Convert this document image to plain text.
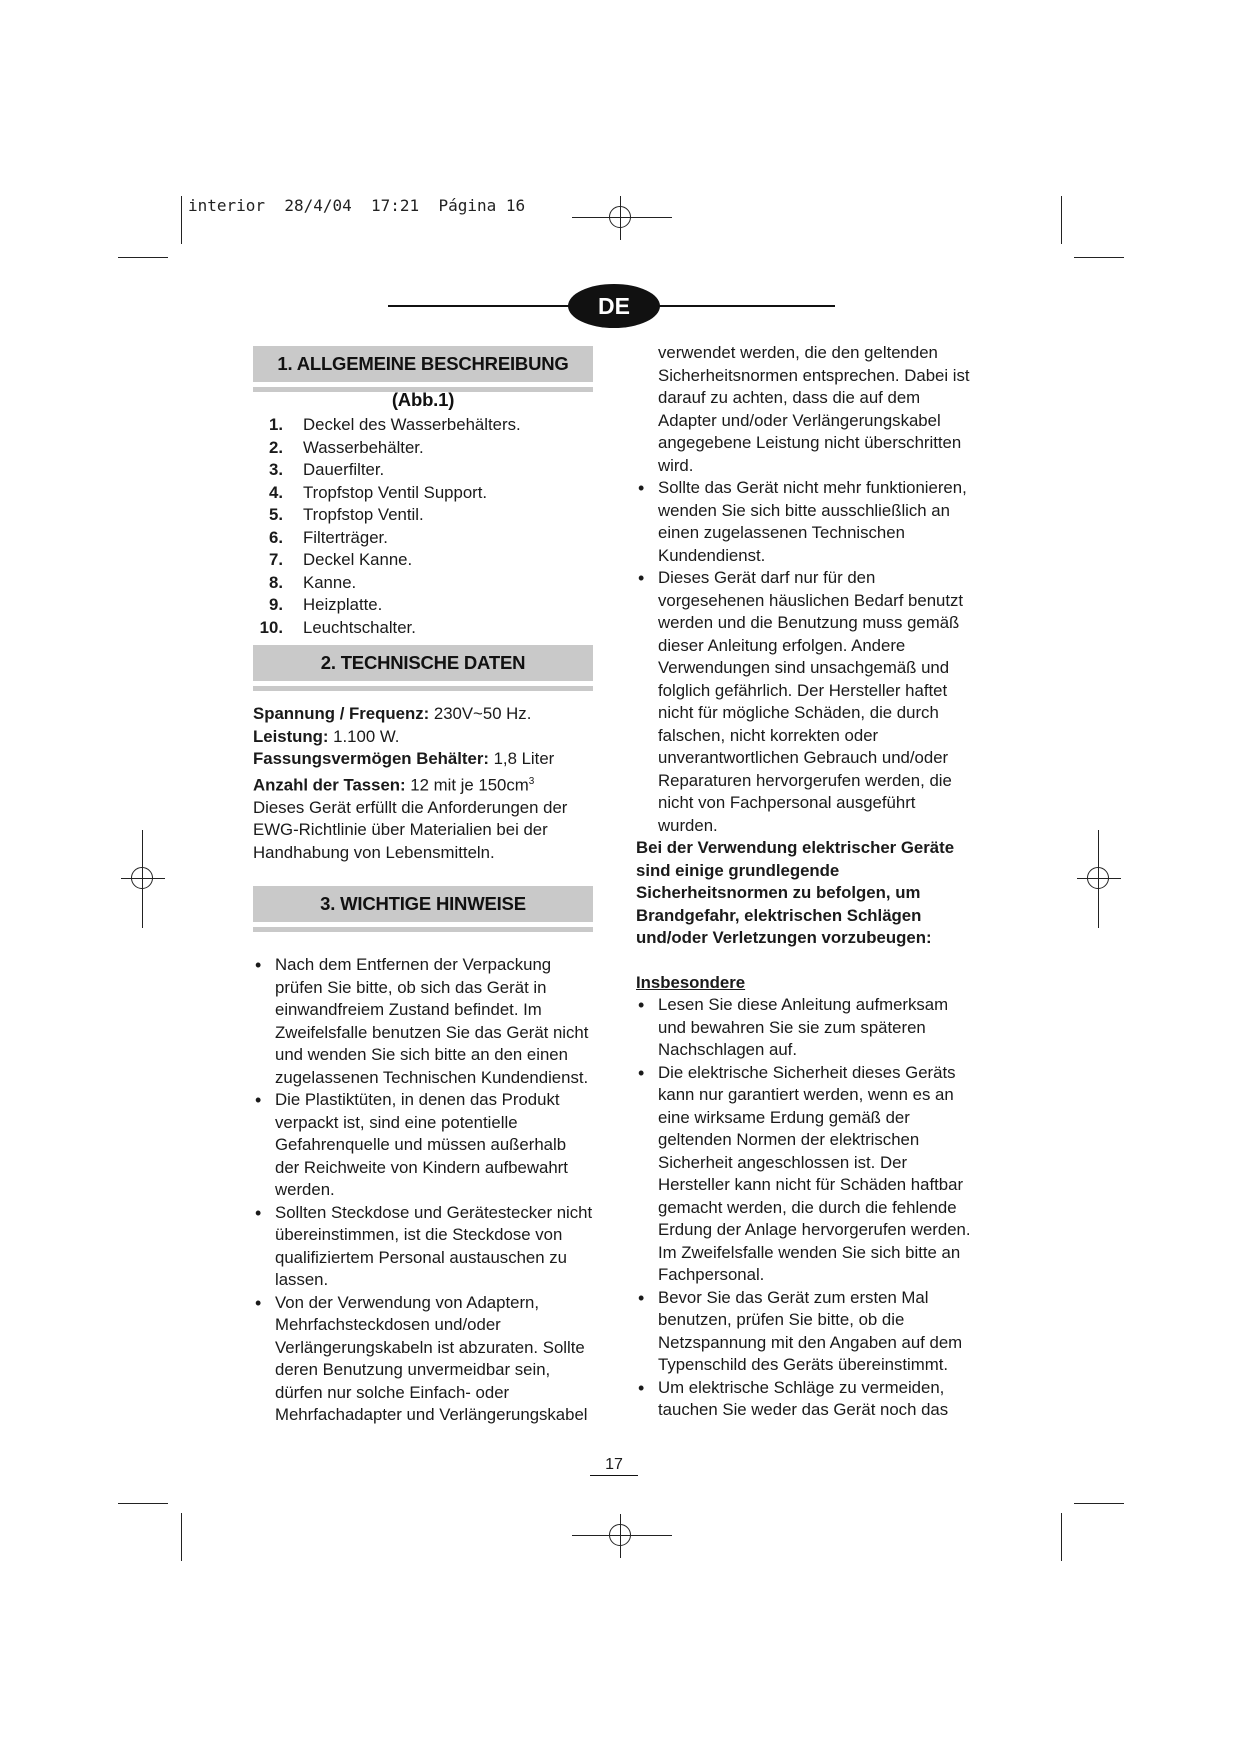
interior  28/4/04  17:21  Página 16
DE
1. ALLGEMEINE BESCHREIBUNG (Abb.1)
1. Deckel des Wasserbehälters.
2. Wasserbehälter.
3. Dauerfilter.
4. Tropfstop Ventil Support.
5. Tropfstop Ventil.
6. Filterträger.
7. Deckel Kanne.
8. Kanne.
9. Heizplatte.
10. Leuchtschalter.
2. TECHNISCHE DATEN

Spannung / Frequenz: 230V~50 Hz.
Leistung: 1.100 W.
Fassungsvermögen Behälter: 1,8 Liter
Anzahl der Tassen: 12 mit je $150cm^3$
Dieses Gerät erfüllt die Anforderungen der EWG-Richtlinie über Materialien bei der Handhabung von Lebensmitteln.

3. WICHTIGE HINWEISE
• Nach dem Entfernen der Verpackung prüfen Sie bitte, ob sich das Gerät in einwandfreiem Zustand befindet. Im Zweifelsfalle benutzen Sie das Gerät nicht und wenden Sie sich bitte an den einen zugelassenen Technischen Kundendienst.
• Die Plastiktüten, in denen das Produkt verpackt ist, sind eine potentielle Gefahrenquelle und müssen außerhalb der Reichweite von Kindern aufbewahrt werden.
• Sollten Steckdose und Gerätestecker nicht übereinstimmen, ist die Steckdose von qualifiziertem Personal austauschen zu lassen.
• Von der Verwendung von Adaptern, Mehrfachsteckdosen und/oder Verlängerungskabeln ist abzuraten. Sollte deren Benutzung unvermeidbar sein, dürfen nur solche Einfach- oder Mehrfachadapter und Verlängerungskabel
verwendet werden, die den geltenden Sicherheitsnormen entsprechen. Dabei ist darauf zu achten, dass die auf dem Adapter und/oder Verlängerungskabel angegebene Leistung nicht überschritten wird.
• Sollte das Gerät nicht mehr funktionieren, wenden Sie sich bitte ausschließlich an einen zugelassenen Technischen Kundendienst.
• Dieses Gerät darf nur für den vorgesehenen häuslichen Bedarf benutzt werden und die Benutzung muss gemäß dieser Anleitung erfolgen. Andere Verwendungen sind unsachgemäß und folglich gefährlich. Der Hersteller haftet nicht für mögliche Schäden, die durch falschen, nicht korrekten oder unverantwortlichen Gebrauch und/oder Reparaturen hervorgerufen werden, die nicht von Fachpersonal ausgeführt wurden.
Bei der Verwendung elektrischer Geräte sind einige grundlegende Sicherheitsnormen zu befolgen, um Brandgefahr, elektrischen Schlägen und/oder Verletzungen vorzubeugen:
Insbesondere
• Lesen Sie diese Anleitung aufmerksam und bewahren Sie sie zum späteren Nachschlagen auf.
• Die elektrische Sicherheit dieses Geräts kann nur garantiert werden, wenn es an eine wirksame Erdung gemäß der geltenden Normen der elektrischen Sicherheit angeschlossen ist. Der Hersteller kann nicht für Schäden haftbar gemacht werden, die durch die fehlende Erdung der Anlage hervorgerufen werden. Im Zweifelsfalle wenden Sie sich bitte an Fachpersonal.
• Bevor Sie das Gerät zum ersten Mal benutzen, prüfen Sie bitte, ob die Netzspannung mit den Angaben auf dem Typenschild des Geräts übereinstimmt.
• Um elektrische Schläge zu vermeiden, tauchen Sie weder das Gerät noch das
17
